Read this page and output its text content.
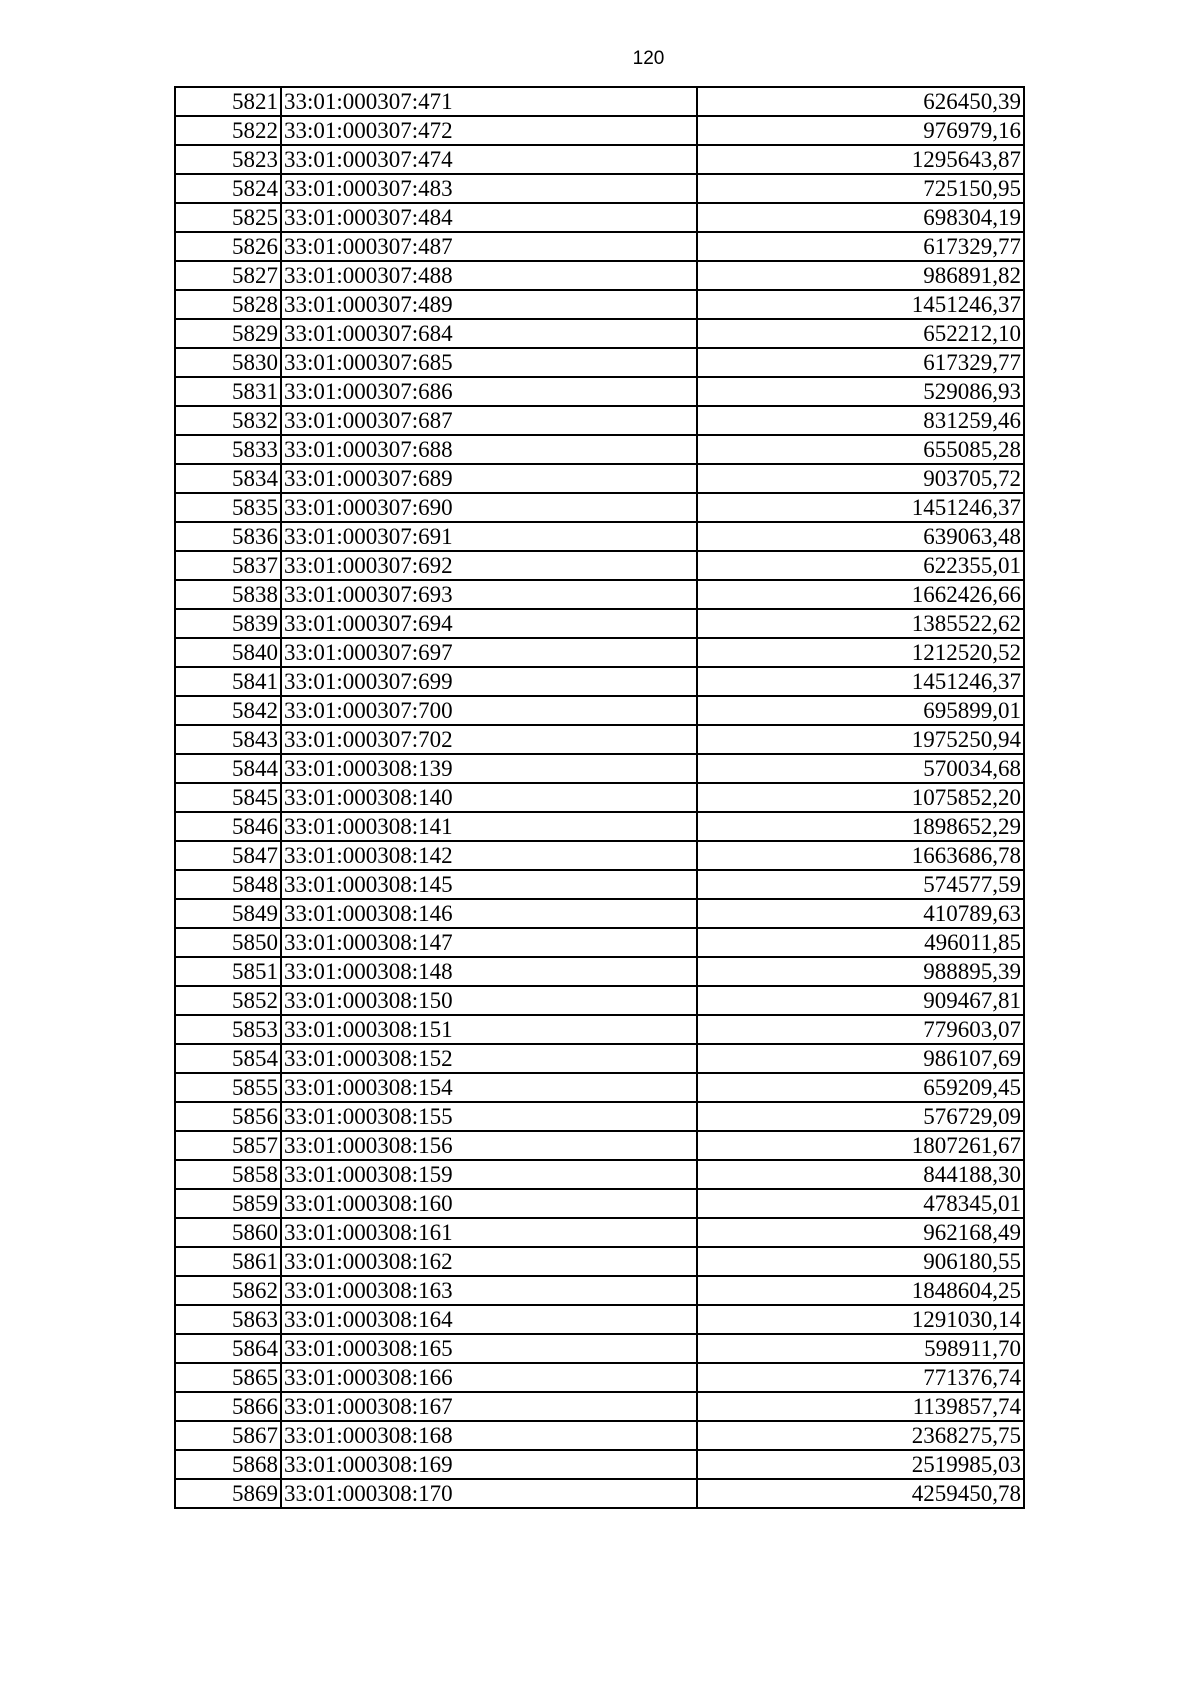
120
5821	33:01:000307:471	626450,39
5822	33:01:000307:472	976979,16
5823	33:01:000307:474	1295643,87
5824	33:01:000307:483	725150,95
5825	33:01:000307:484	698304,19
5826	33:01:000307:487	617329,77
5827	33:01:000307:488	986891,82
5828	33:01:000307:489	1451246,37
5829	33:01:000307:684	652212,10
5830	33:01:000307:685	617329,77
5831	33:01:000307:686	529086,93
5832	33:01:000307:687	831259,46
5833	33:01:000307:688	655085,28
5834	33:01:000307:689	903705,72
5835	33:01:000307:690	1451246,37
5836	33:01:000307:691	639063,48
5837	33:01:000307:692	622355,01
5838	33:01:000307:693	1662426,66
5839	33:01:000307:694	1385522,62
5840	33:01:000307:697	1212520,52
5841	33:01:000307:699	1451246,37
5842	33:01:000307:700	695899,01
5843	33:01:000307:702	1975250,94
5844	33:01:000308:139	570034,68
5845	33:01:000308:140	1075852,20
5846	33:01:000308:141	1898652,29
5847	33:01:000308:142	1663686,78
5848	33:01:000308:145	574577,59
5849	33:01:000308:146	410789,63
5850	33:01:000308:147	496011,85
5851	33:01:000308:148	988895,39
5852	33:01:000308:150	909467,81
5853	33:01:000308:151	779603,07
5854	33:01:000308:152	986107,69
5855	33:01:000308:154	659209,45
5856	33:01:000308:155	576729,09
5857	33:01:000308:156	1807261,67
5858	33:01:000308:159	844188,30
5859	33:01:000308:160	478345,01
5860	33:01:000308:161	962168,49
5861	33:01:000308:162	906180,55
5862	33:01:000308:163	1848604,25
5863	33:01:000308:164	1291030,14
5864	33:01:000308:165	598911,70
5865	33:01:000308:166	771376,74
5866	33:01:000308:167	1139857,74
5867	33:01:000308:168	2368275,75
5868	33:01:000308:169	2519985,03
5869	33:01:000308:170	4259450,78
